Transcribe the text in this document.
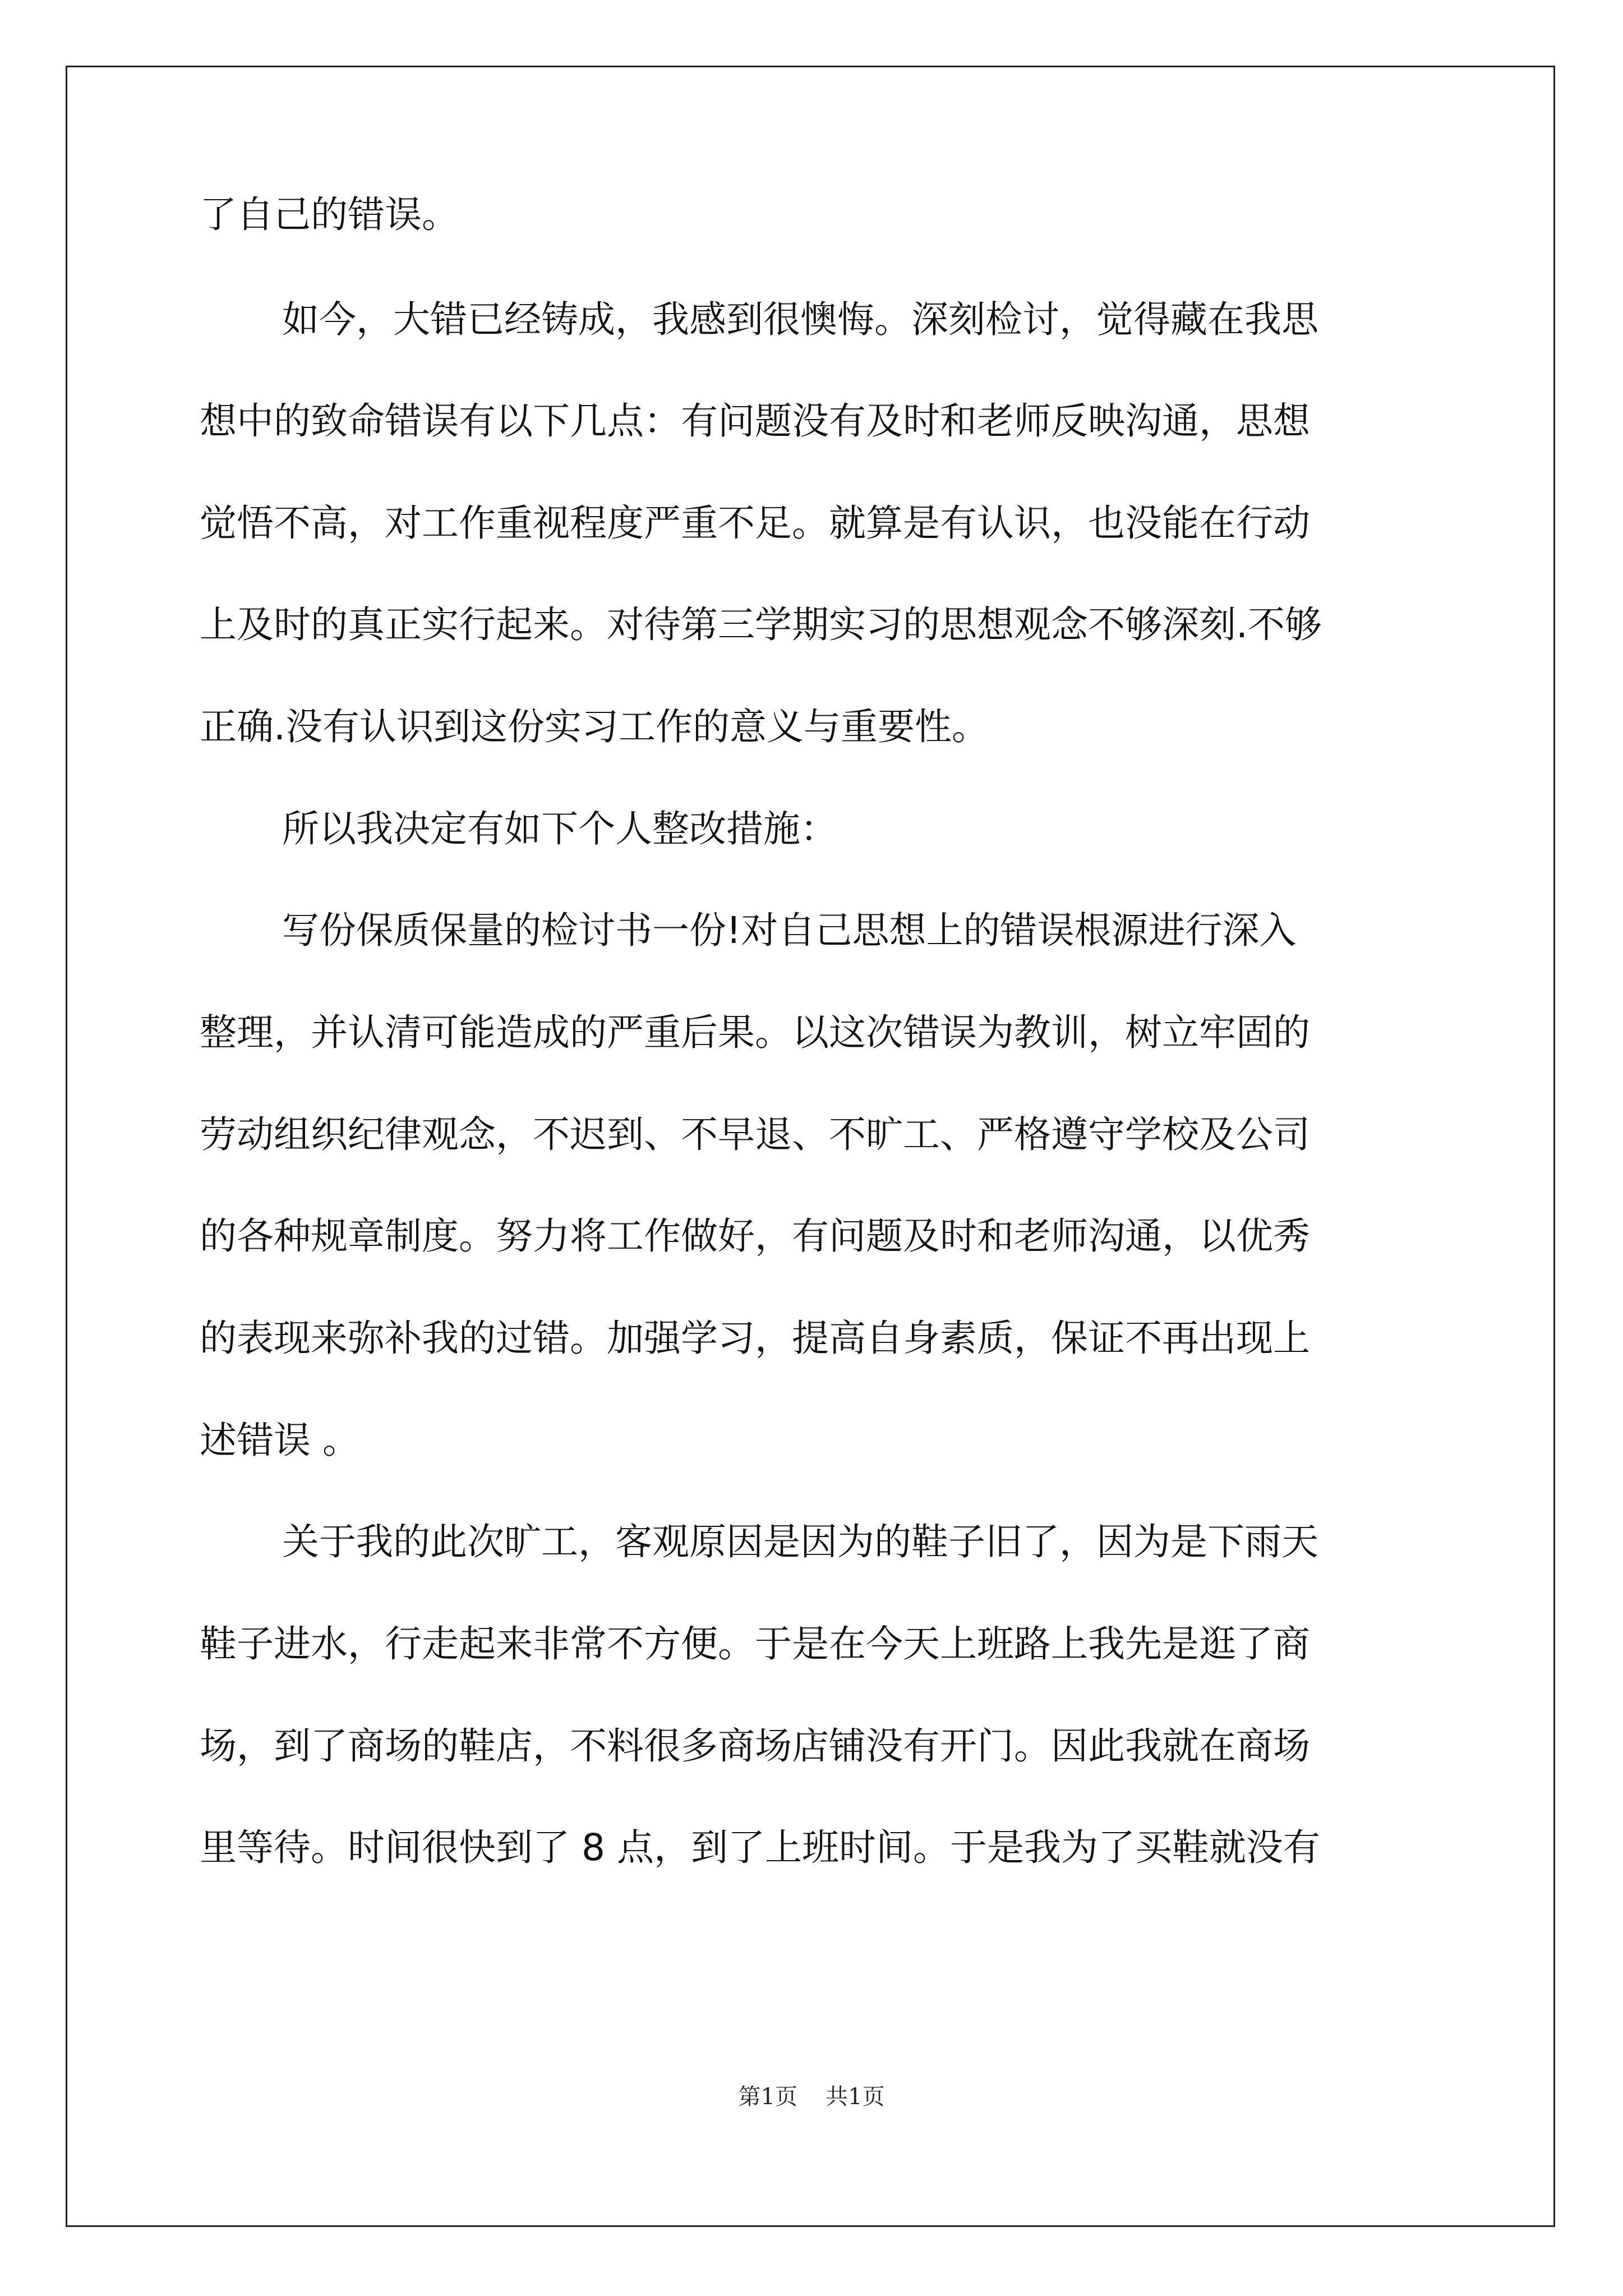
了自己的错误。
如今，大错已经铸成，我感到很懊悔。深刻检讨，觉得藏在我思
想中的致命错误有以下几点：有问题没有及时和老师反映沟通，思想
觉悟不高，对工作重视程度严重不足。就算是有认识，也没能在行动
上及时的真正实行起来。对待第三学期实习的思想观念不够深刻.不够
正确.没有认识到这份实习工作的意义与重要性。
所以我决定有如下个人整改措施：
写份保质保量的检讨书一份!对自己思想上的错误根源进行深入
整理，并认清可能造成的严重后果。以这次错误为教训，树立牢固的
劳动组织纪律观念，不迟到、不早退、不旷工、严格遵守学校及公司
的各种规章制度。努力将工作做好，有问题及时和老师沟通，以优秀
的表现来弥补我的过错。加强学习，提高自身素质，保证不再出现上
述错误 。
关于我的此次旷工，客观原因是因为的鞋子旧了，因为是下雨天
鞋子进水，行走起来非常不方便。于是在今天上班路上我先是逛了商
场，到了商场的鞋店，不料很多商场店铺没有开门。因此我就在商场
里等待。时间很快到了 8 点，到了上班时间。于是我为了买鞋就没有
第1页 共1页
